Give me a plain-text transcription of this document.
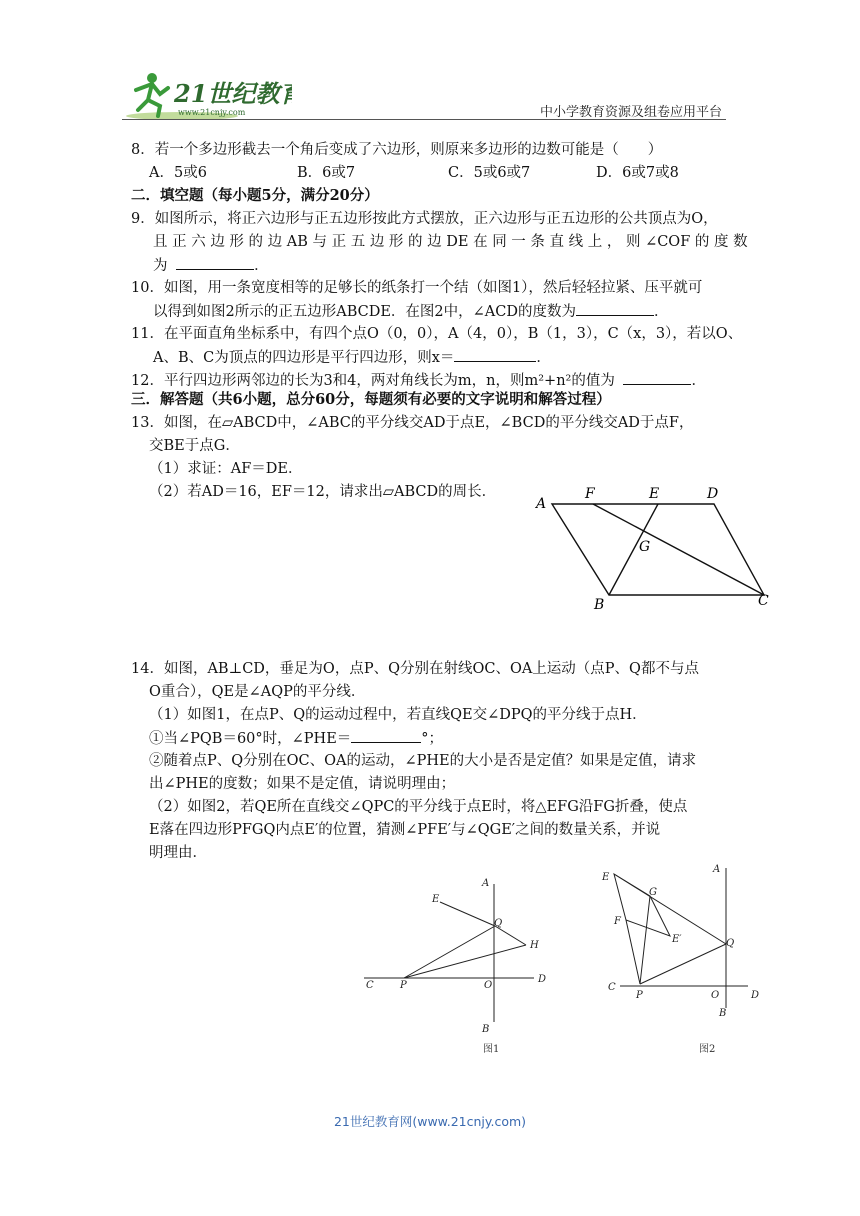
21世纪教育
www.21cnjy.com	中小学教育资源及组卷应用平台
8．若一个多边形截去一个角后变成了六边形，则原来多边形的边数可能是（　　）
A．5或6	B．6或7	C．5或6或7	D．6或7或8
二．填空题（每小题5分，满分20分）
9．如图所示，将正六边形与正五边形按此方式摆放，正六边形与正五边形的公共顶点为O，
且 正 六 边 形 的 边 AB 与 正 五 边 形 的 边 DE 在 同 一 条 直 线 上 ， 则 ∠COF 的 度 数
为	．
10．如图，用一条宽度相等的足够长的纸条打一个结（如图1），然后轻轻拉紧、压平就可
以得到如图2所示的正五边形ABCDE．在图2中，∠ACD的度数为	．
11．在平面直角坐标系中，有四个点O（0，0），A（4，0），B（1，3），C（x，3），若以O、
A、B、C为顶点的四边形是平行四边形，则x＝	．
12．平行四边形两邻边的长为3和4，两对角线长为m，n，则m²+n²的值为	．
三．解答题（共6小题，总分60分，每题须有必要的文字说明和解答过程）
13．如图，在▱ABCD中，∠ABC的平分线交AD于点E，∠BCD的平分线交AD于点F，
交BE于点G．
（1）求证：AF＝DE．
（2）若AD＝16，EF＝12，请求出▱ABCD的周长．
A
F	E	D
G
B	C
14．如图，AB⊥CD，垂足为O，点P、Q分别在射线OC、OA上运动（点P、Q都不与点
O重合），QE是∠AQP的平分线．
（1）如图1，在点P、Q的运动过程中，若直线QE交∠DPQ的平分线于点H．
①当∠PQB＝60°时，∠PHE＝	°；
②随着点P、Q分别在OC、OA的运动，∠PHE的大小是否是定值？如果是定值，请求
出∠PHE的度数；如果不是定值，请说明理由；
（2）如图2，若QE所在直线交∠QPC的平分线于点E时，将△EFG沿FG折叠，使点
E落在四边形PFGQ内点E′的位置，猜测∠PFE′与∠QGE′之间的数量关系，并说
明理由．
A
E
Q
H
C	P	O
D
B
图1
E
G
F
E′
A
Q
C
P	O	D
B
图2
21世纪教育网(www.21cnjy.com)
